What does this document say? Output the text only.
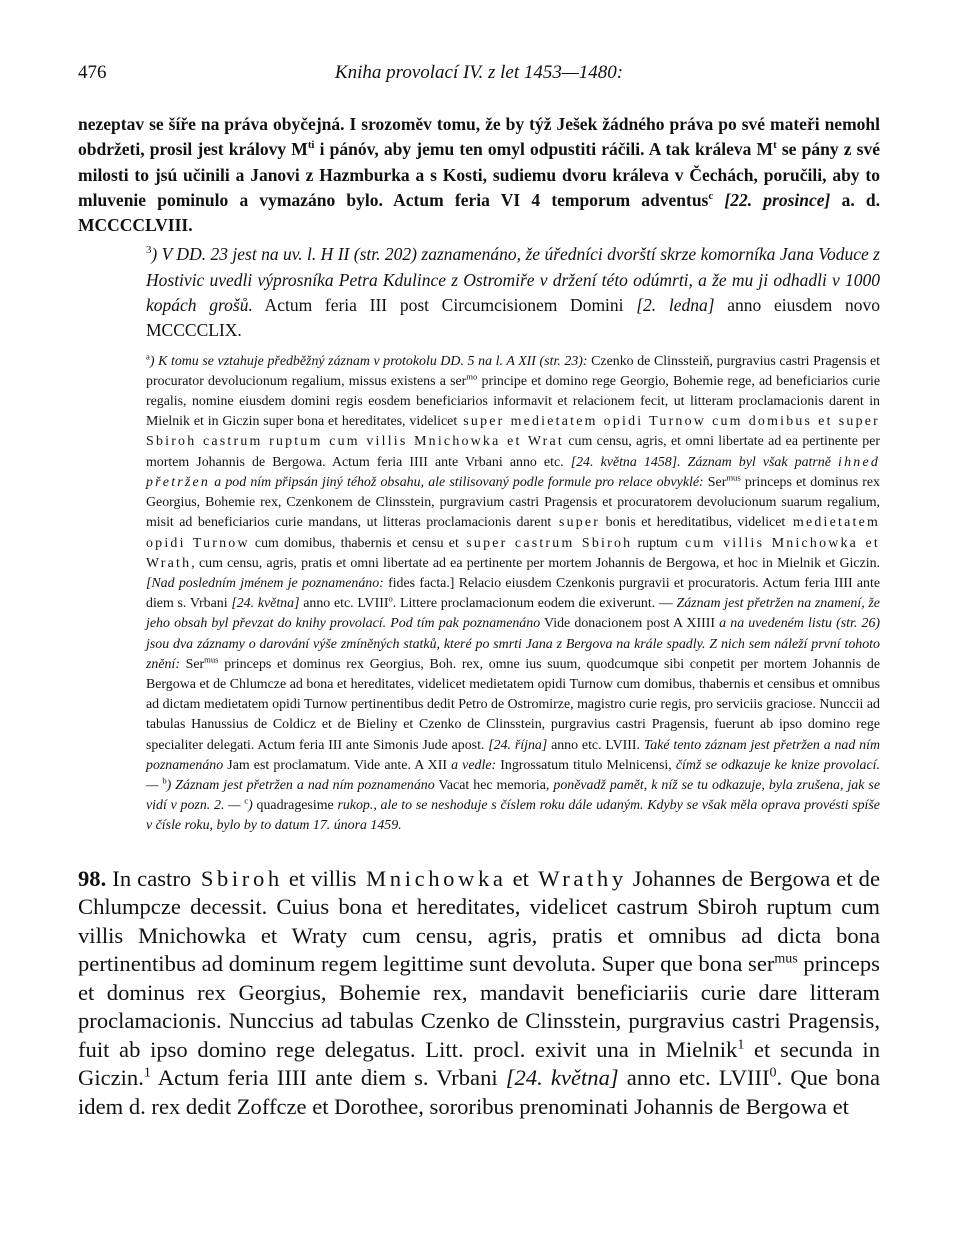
476	Kniha provolací IV. z let 1453—1480:

nezeptav se šíře na práva obyčejná. I srozoměv tomu, že by týž Ješek žádného práva po své mateři nemohl obdržeti, prosil jest královy $M^{ti}$ i pánóv, aby jemu ten omyl odpustiti ráčili. A tak králeva $M^t$ se pány z své milosti to jsú učinili a Janovi z Hazmburka a s Kosti, sudiemu dvoru králeva v Čechách, poručili, aby to mluvenie pominulo a vymazáno bylo. Actum feria VI 4 temporum adventus$^c$ [22. prosince] a. d. MCCCCLVIII.

$^3$) V DD. 23 jest na uv. l. H II (str. 202) zaznamenáno, že úředníci dvorští skrze komorníka Jana Voduce z Hostivic uvedli výprosníka Petra Kdulince z Ostromiře v držení této odúmrti, a že mu ji odhadli v 1000 kopách grošů. Actum feria III post Circumcisionem Domini [2. ledna] anno eiusdem novo MCCCCLIX.

$^a$) K tomu se vztahuje předběžný záznam v protokolu DD. 5 na l. A XII (str. 23): Czenko de Clinssteiň, purgravius castri Pragensis et procurator devolucionum regalium, missus existens a ser$^{mo}$ principe et domino rege Georgio, Bohemie rege, ad beneficiarios curie regalis, nomine eiusdem domini regis eosdem beneficiarios informavit et relacionem fecit, ut litteram proclamacionis darent in Mielnik et in Giczin super bona et hereditates, videlicet super medietatem opidi Turnow cum domibus et super Sbiroh castrum ruptum cum villis Mnichowka et Wrat cum censu, agris, et omni libertate ad ea pertinente per mortem Johannis de Bergowa. Actum feria IIII ante Vrbani anno etc. [24. května 1458]. Záznam byl však patrně ihned přetržen a pod ním připsán jiný téhož obsahu, ale stilisovaný podle formule pro relace obvyklé: Ser$^{mus}$ princeps et dominus rex Georgius, Bohemie rex, Czenkonem de Clinsstein, purgravium castri Pragensis et procuratorem devolucionum suarum regalium, misit ad beneficiarios curie mandans, ut litteras proclamacionis darent super bonis et hereditatibus, videlicet medietatem opidi Turnow cum domibus, thabernis et censu et super castrum Sbiroh ruptum cum villis Mnichowka et Wrath, cum censu, agris, pratis et omni libertate ad ea pertinente per mortem Johannis de Bergowa, et hoc in Mielnik et Giczin. [Nad posledním jménem je poznamenáno: fides facta.] Relacio eiusdem Czenkonis purgravii et procuratoris. Actum feria IIII ante diem s. Vrbani [24. května] anno etc. LVIII$^o$. Littere proclamacionum eodem die exiverunt. — Záznam jest přetržen na znamení, že jeho obsah byl převzat do knihy provolací. Pod tím pak poznamenáno Vide donacionem post A XIIII a na uvedeném listu (str. 26) jsou dva záznamy o darování výše zmíněných statků, které po smrti Jana z Bergova na krále spadly. Z nich sem náleží první tohoto znění: Ser$^{mus}$ princeps et dominus rex Georgius, Boh. rex, omne ius suum, quodcumque sibi conpetit per mortem Johannis de Bergowa et de Chlumcze ad bona et hereditates, videlicet medietatem opidi Turnow cum domibus, thabernis et censibus et omnibus ad dictam medietatem opidi Turnow pertinentibus dedit Petro de Ostromirze, magistro curie regis, pro serviciis graciose. Nunccii ad tabulas Hanussius de Coldicz et de Bieliny et Czenko de Clinsstein, purgravius castri Pragensis, fuerunt ab ipso domino rege specialiter delegati. Actum feria III ante Simonis Jude apost. [24. října] anno etc. LVIII. Také tento záznam jest přetržen a nad ním poznamenáno Jam est proclamatum. Vide ante. A XII a vedle: Ingrossatum titulo Melnicensi, čímž se odkazuje ke knize provolací. — $^b$) Záznam jest přetržen a nad ním poznamenáno Vacat hec memoria, poněvadž pamět, k níž se tu odkazuje, byla zrušena, jak se vidí v pozn. 2. — $^c$) quadragesime rukop., ale to se neshoduje s číslem roku dále udaným. Kdyby se však měla oprava provésti spíše v čísle roku, bylo by to datum 17. února 1459.

98. In castro Sbiroh et villis Mnichowka et Wrathy Johannes de Bergowa et de Chlumpcze decessit. Cuius bona et hereditates, videlicet castrum Sbiroh ruptum cum villis Mnichowka et Wraty cum censu, agris, pratis et omnibus ad dicta bona pertinentibus ad dominum regem legittime sunt devoluta. Super que bona ser$^{mus}$ princeps et dominus rex Georgius, Bohemie rex, mandavit beneficiariis curie dare litteram proclamacionis. Nunccius ad tabulas Czenko de Clinsstein, purgravius castri Pragensis, fuit ab ipso domino rege delegatus. Litt. procl. exivit una in Mielnik$^1$ et secunda in Giczin.$^1$ Actum feria IIII ante diem s. Vrbani [24. května] anno etc. LVIII$^0$. Que bona idem d. rex dedit Zoffcze et Dorothee, sororibus prenominati Johannis de Bergowa et
